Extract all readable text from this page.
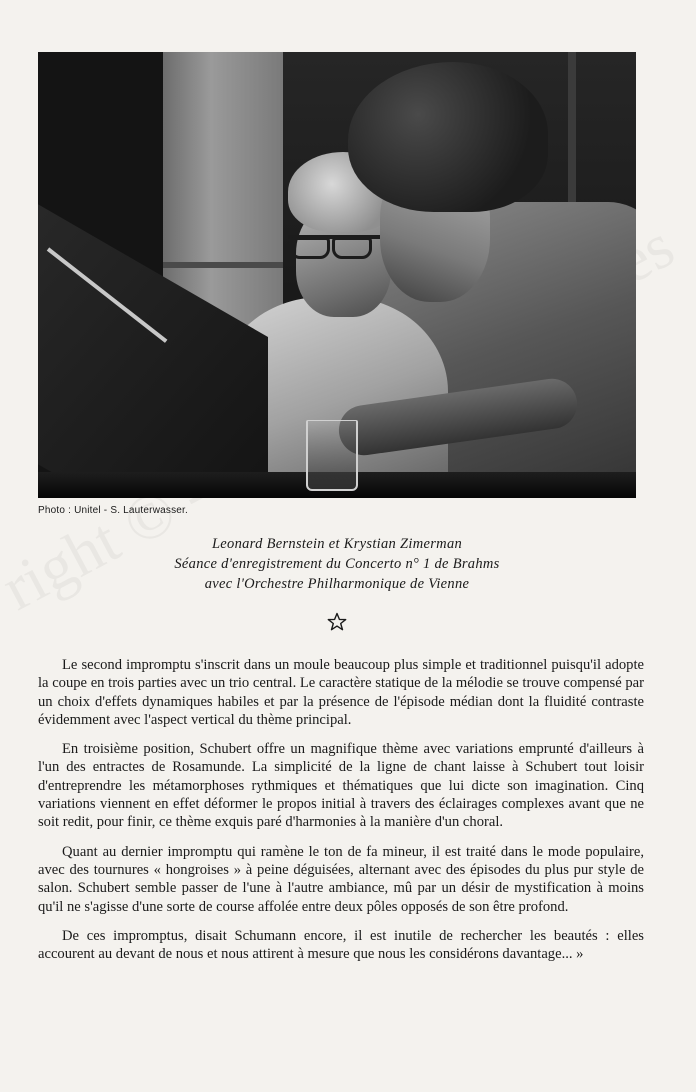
Photo : Unitel - S. Lauterwasser.
Leonard Bernstein et Krystian Zimerman
Séance d'enregistrement du Concerto n° 1 de Brahms
avec l'Orchestre Philharmonique de Vienne

Le second impromptu s'inscrit dans un moule beaucoup plus simple et traditionnel puisqu'il adopte la coupe en trois parties avec un trio central. Le caractère statique de la mélodie se trouve compensé par un choix d'effets dynamiques habiles et par la présence de l'épisode médian dont la fluidité contraste évidemment avec l'aspect vertical du thème principal.

En troisième position, Schubert offre un magnifique thème avec variations emprunté d'ailleurs à l'un des entractes de Rosamunde. La simplicité de la ligne de chant laisse à Schubert tout loisir d'entreprendre les métamorphoses rythmiques et thématiques que lui dicte son imagination. Cinq variations viennent en effet déformer le propos initial à travers des éclairages complexes avant que ne soit redit, pour finir, ce thème exquis paré d'harmonies à la manière d'un choral.

Quant au dernier impromptu qui ramène le ton de fa mineur, il est traité dans le mode populaire, avec des tournures « hongroises » à peine déguisées, alternant avec des épisodes du plus pur style de salon. Schubert semble passer de l'une à l'autre ambiance, mû par un désir de mystification à moins qu'il ne s'agisse d'une sorte de course affolée entre deux pôles opposés de son être profond.

De ces impromptus, disait Schumann encore, il est inutile de rechercher les beautés : elles accourent au devant de nous et nous attirent à mesure que nous les considérons davantage... »
